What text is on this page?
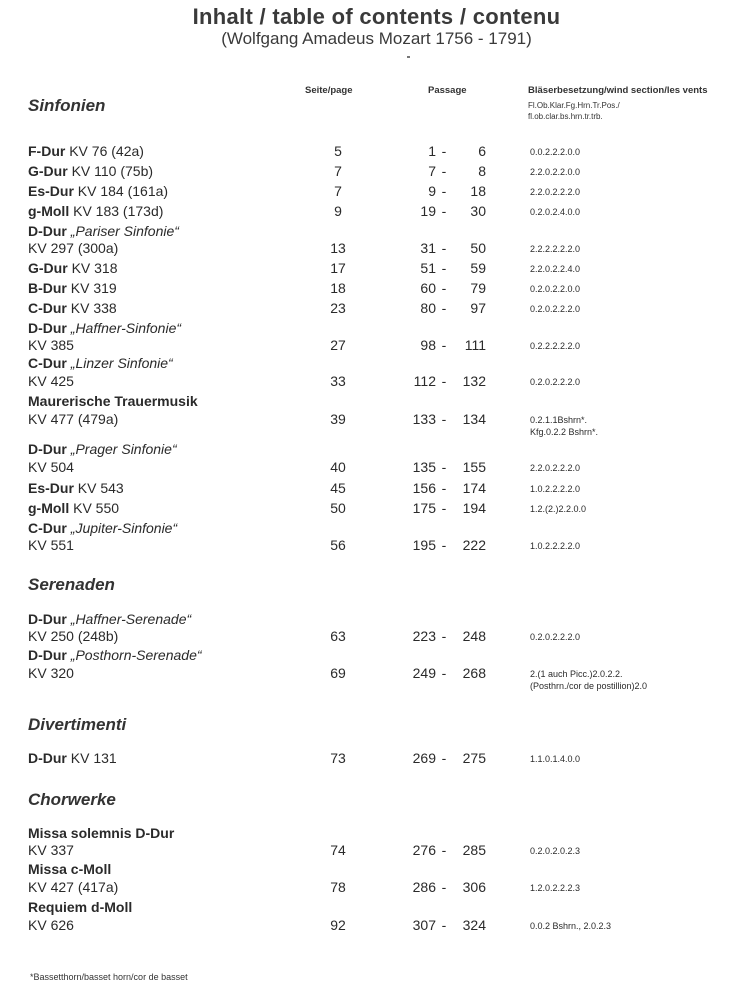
Inhalt / table of contents / contenu
(Wolfgang Amadeus Mozart 1756 - 1791)
Seite/page	Passage	Bläserbesetzung/wind section/les vents
Fl.Ob.Klar.Fg.Hrn.Tr.Pos./
fl.ob.clar.bs.hrn.tr.trb.
Sinfonien
F-Dur KV 76 (42a)	5	1 - 6	0.0.2.2.2.0.0
G-Dur KV 110 (75b)	7	7 - 8	2.2.0.2.2.0.0
Es-Dur KV 184 (161a)	7	9 - 18	2.2.0.2.2.2.0
g-Moll KV 183 (173d)	9	19 - 30	0.2.0.2.4.0.0
D-Dur „Pariser Sinfonie“
KV 297 (300a)	13	31 - 50	2.2.2.2.2.2.0
G-Dur KV 318	17	51 - 59	2.2.0.2.2.4.0
B-Dur KV 319	18	60 - 79	0.2.0.2.2.0.0
C-Dur KV 338	23	80 - 97	0.2.0.2.2.2.0
D-Dur „Haffner-Sinfonie“
KV 385	27	98 - 111	0.2.2.2.2.2.0
C-Dur „Linzer Sinfonie“
KV 425	33	112 - 132	0.2.0.2.2.2.0
Maurerische Trauermusik
KV 477 (479a)	39	133 - 134	0.2.1.1Bshrn*.
Kfg.0.2.2 Bshrn*.
D-Dur „Prager Sinfonie“
KV 504	40	135 - 155	2.2.0.2.2.2.0
Es-Dur KV 543	45	156 - 174	1.0.2.2.2.2.0
g-Moll KV 550	50	175 - 194	1.2.(2.)2.2.0.0
C-Dur „Jupiter-Sinfonie“
KV 551	56	195 - 222	1.0.2.2.2.2.0
Serenaden
D-Dur „Haffner-Serenade“
KV 250 (248b)	63	223 - 248	0.2.0.2.2.2.0
D-Dur „Posthorn-Serenade“
KV 320	69	249 - 268	2.(1 auch Picc.)2.0.2.2.
(Posthrn./cor de postillion)2.0
Divertimenti
D-Dur KV 131	73	269 - 275	1.1.0.1.4.0.0
Chorwerke
Missa solemnis D-Dur
KV 337	74	276 - 285	0.2.0.2.0.2.3
Missa c-Moll
KV 427 (417a)	78	286 - 306	1.2.0.2.2.2.3
Requiem d-Moll
KV 626	92	307 - 324	0.0.2 Bshrn., 2.0.2.3
*Bassetthorn/basset horn/cor de basset
